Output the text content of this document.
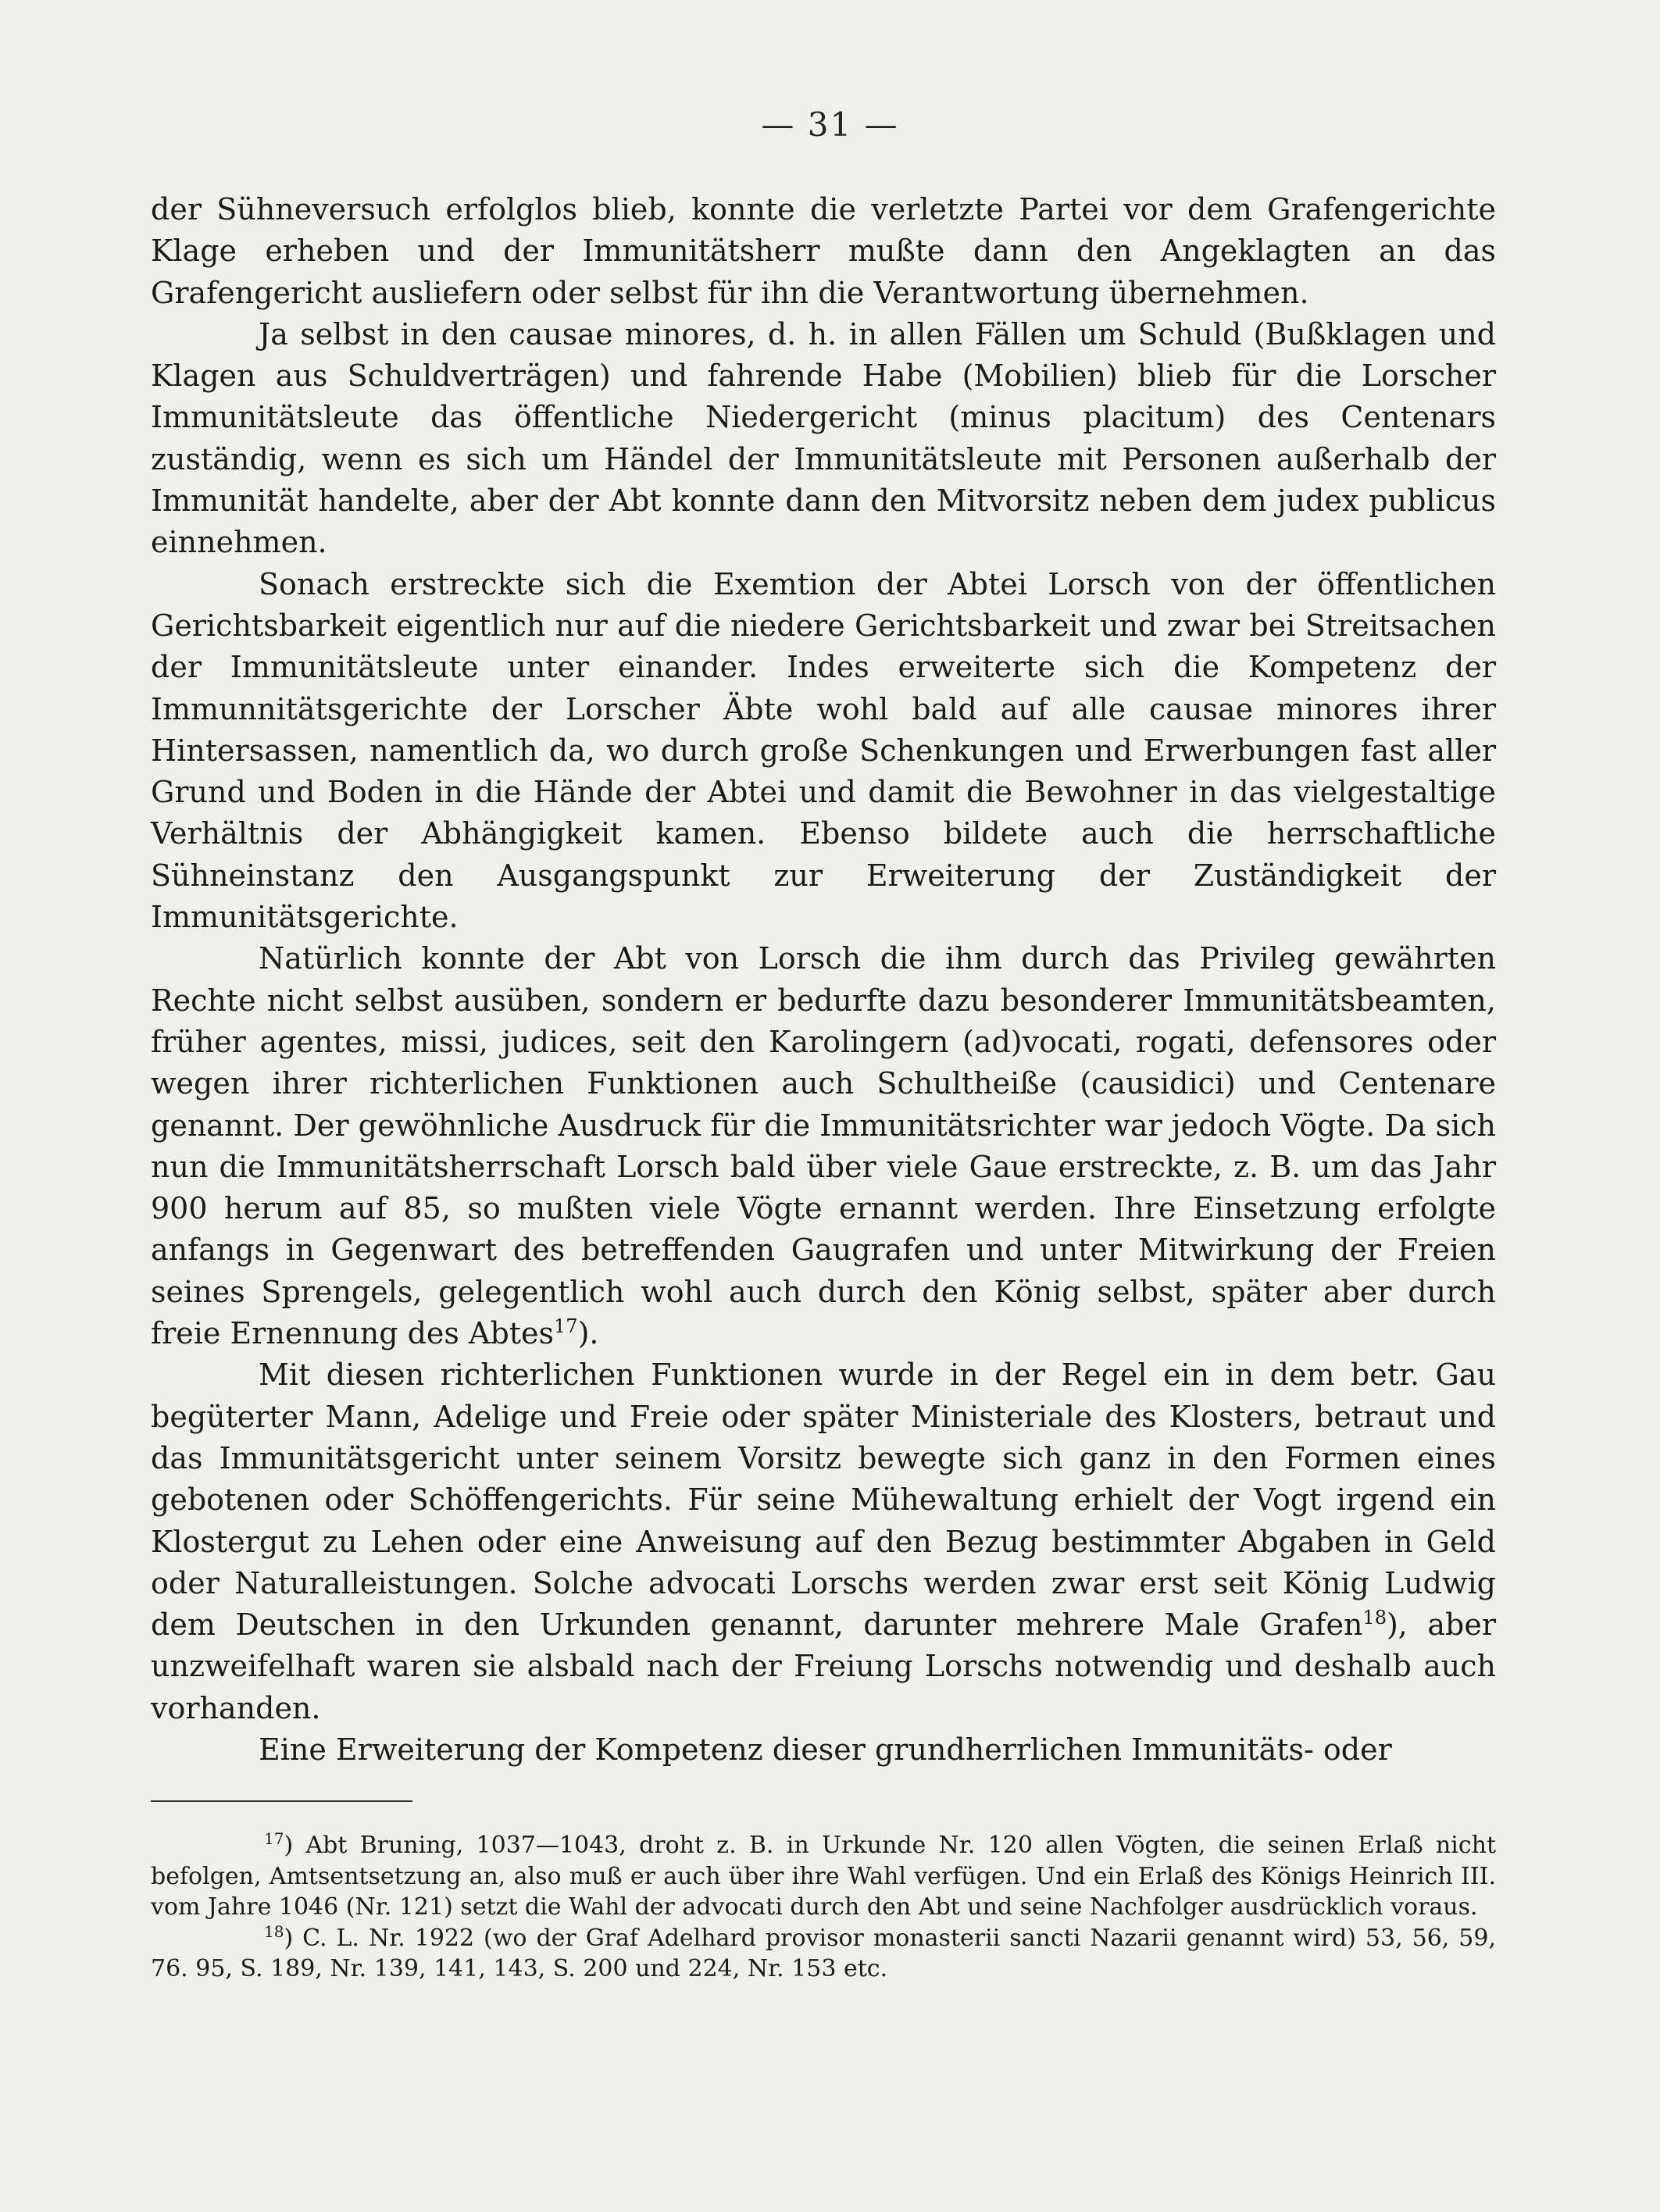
— 31 —

der Sühneversuch erfolglos blieb, konnte die verletzte Partei vor dem Grafengerichte Klage erheben und der Immunitätsherr mußte dann den Angeklagten an das Grafengericht ausliefern oder selbst für ihn die Verantwortung übernehmen.

Ja selbst in den causae minores, d. h. in allen Fällen um Schuld (Bußklagen und Klagen aus Schuldverträgen) und fahrende Habe (Mobilien) blieb für die Lorscher Immunitätsleute das öffentliche Niedergericht (minus placitum) des Centenars zuständig, wenn es sich um Händel der Immunitätsleute mit Personen außerhalb der Immunität handelte, aber der Abt konnte dann den Mitvorsitz neben dem judex publicus einnehmen.

Sonach erstreckte sich die Exemtion der Abtei Lorsch von der öffentlichen Gerichtsbarkeit eigentlich nur auf die niedere Gerichtsbarkeit und zwar bei Streitsachen der Immunitätsleute unter einander. Indes erweiterte sich die Kompetenz der Immunnitätsgerichte der Lorscher Äbte wohl bald auf alle causae minores ihrer Hintersassen, namentlich da, wo durch große Schenkungen und Erwerbungen fast aller Grund und Boden in die Hände der Abtei und damit die Bewohner in das vielgestaltige Verhältnis der Abhängigkeit kamen. Ebenso bildete auch die herrschaftliche Sühneinstanz den Ausgangspunkt zur Erweiterung der Zuständigkeit der Immunitätsgerichte.

Natürlich konnte der Abt von Lorsch die ihm durch das Privileg gewährten Rechte nicht selbst ausüben, sondern er bedurfte dazu besonderer Immunitätsbeamten, früher agentes, missi, judices, seit den Karolingern (ad)vocati, rogati, defensores oder wegen ihrer richterlichen Funktionen auch Schultheiße (causidici) und Centenare genannt. Der gewöhnliche Ausdruck für die Immunitätsrichter war jedoch Vögte. Da sich nun die Immunitätsherrschaft Lorsch bald über viele Gaue erstreckte, z. B. um das Jahr 900 herum auf 85, so mußten viele Vögte ernannt werden. Ihre Einsetzung erfolgte anfangs in Gegenwart des betreffenden Gaugrafen und unter Mitwirkung der Freien seines Sprengels, gelegentlich wohl auch durch den König selbst, später aber durch freie Ernennung des Abtes$^{17}$).

Mit diesen richterlichen Funktionen wurde in der Regel ein in dem betr. Gau begüterter Mann, Adelige und Freie oder später Ministeriale des Klosters, betraut und das Immunitätsgericht unter seinem Vorsitz bewegte sich ganz in den Formen eines gebotenen oder Schöffengerichts. Für seine Mühewaltung erhielt der Vogt irgend ein Klostergut zu Lehen oder eine Anweisung auf den Bezug bestimmter Abgaben in Geld oder Naturalleistungen. Solche advocati Lorschs werden zwar erst seit König Ludwig dem Deutschen in den Urkunden genannt, darunter mehrere Male Grafen$^{18}$), aber unzweifelhaft waren sie alsbald nach der Freiung Lorschs notwendig und deshalb auch vorhanden.

Eine Erweiterung der Kompetenz dieser grundherrlichen Immunitäts- oder

$^{17}$) Abt Bruning, 1037—1043, droht z. B. in Urkunde Nr. 120 allen Vögten, die seinen Erlaß nicht befolgen, Amtsentsetzung an, also muß er auch über ihre Wahl verfügen. Und ein Erlaß des Königs Heinrich III. vom Jahre 1046 (Nr. 121) setzt die Wahl der advocati durch den Abt und seine Nachfolger ausdrücklich voraus.

$^{18}$) C. L. Nr. 1922 (wo der Graf Adelhard provisor monasterii sancti Nazarii genannt wird) 53, 56, 59, 76. 95, S. 189, Nr. 139, 141, 143, S. 200 und 224, Nr. 153 etc.
